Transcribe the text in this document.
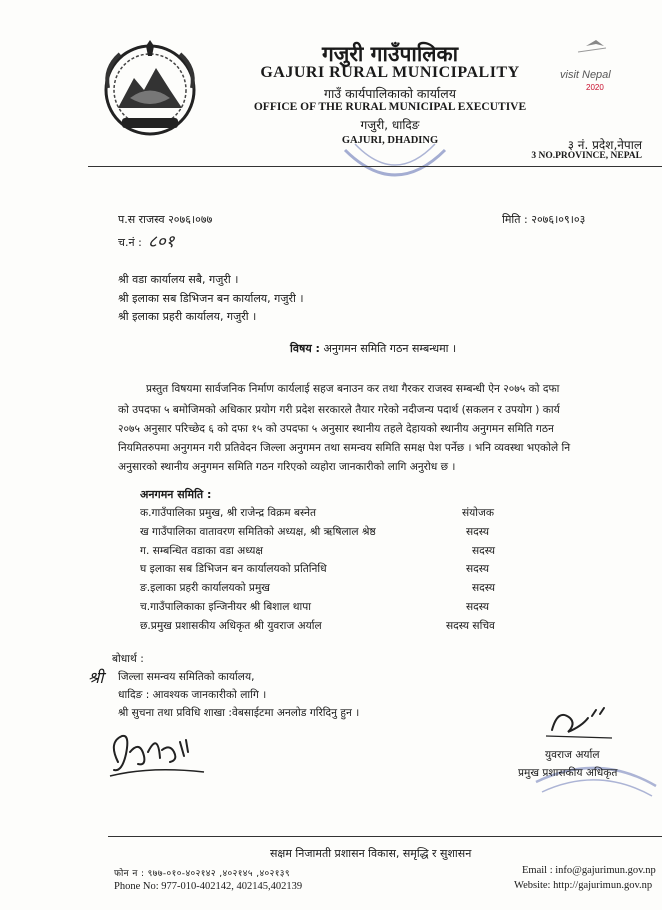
गजुरी गाउँपालिका
GAJURI RURAL MUNICIPALITY
गाउँ कार्यपालिकाको कार्यालय
OFFICE OF THE RURAL MUNICIPAL EXECUTIVE
गजुरी, धादिङ
GAJURI, DHADING
visit Nepal
2020
३ नं. प्रदेश,नेपाल
3 NO.PROVINCE, NEPAL
प.स राजस्व २०७६।०७७	मिति : २०७६।०९।०३
च.नं : ८०१
श्री वडा कार्यालय सबै, गजुरी ।
श्री इलाका सब डिभिजन बन कार्यालय, गजुरी ।
श्री इलाका प्रहरी कार्यालय, गजुरी ।
विषय : अनुगमन समिति गठन सम्बन्धमा ।
प्रस्तुत विषयमा सार्वजनिक निर्माण कार्यलाई सहज बनाउन कर तथा गैरकर राजस्व सम्बन्धी ऐन २०७५ को दफा
को उपदफा ५ बमोजिमको अधिकार प्रयोग गरी प्रदेश सरकारले तैयार गरेको नदीजन्य पदार्थ (सकलन र उपयोग ) कार्य
२०७५ अनुसार परिच्छेद ६ को दफा १५ को उपदफा ५ अनुसार स्थानीय तहले देहायको स्थानीय अनुगमन समिति गठन
नियमितरुपमा अनुगमन गरी प्रतिवेदन जिल्ला अनुगमन तथा समन्वय समिति समक्ष पेश पर्नेछ । भनि व्यवस्था भएकोले नि
अनुसारको स्थानीय अनुगमन समिति गठन गरिएको व्यहोरा जानकारीको लागि अनुरोध छ ।
अनगमन समिति :
क.गाउँपालिका प्रमुख, श्री राजेन्द्र विक्रम बस्नेत	संयोजक
ख गाउँपालिका वातावरण समितिको अध्यक्ष, श्री ऋषिलाल श्रेष्ठ	सदस्य
ग. सम्बन्धित वडाका वडा अध्यक्ष	सदस्य
घ इलाका सब डिभिजन बन कार्यालयको प्रतिनिधि	सदस्य
ङ.इलाका प्रहरी कार्यालयको प्रमुख	सदस्य
च.गाउँपालिकाका इन्जिनीयर श्री बिशाल थापा	सदस्य
छ.प्रमुख प्रशासकीय अधिकृत श्री युवराज अर्याल	सदस्य सचिव
बोधार्थ :
श्री जिल्ला समन्वय समितिको कार्यालय,
धादिङ : आवश्यक जानकारीको लागि ।
श्री सुचना तथा प्रविधि शाखा :वेबसाईटमा अनलोड गरिदिनु हुन ।
युवराज अर्याल
प्रमुख प्रशासकीय अधिकृत
सक्षम निजामती प्रशासन विकास, समृद्धि र सुशासन
फोन न : ९७७-०१०-४०२१४२ ,४०२१४५ ,४०२१३९
Phone No: 977-010-402142, 402145,402139
Email : info@gajurimun.gov.np
Website: http://gajurimun.gov.np
